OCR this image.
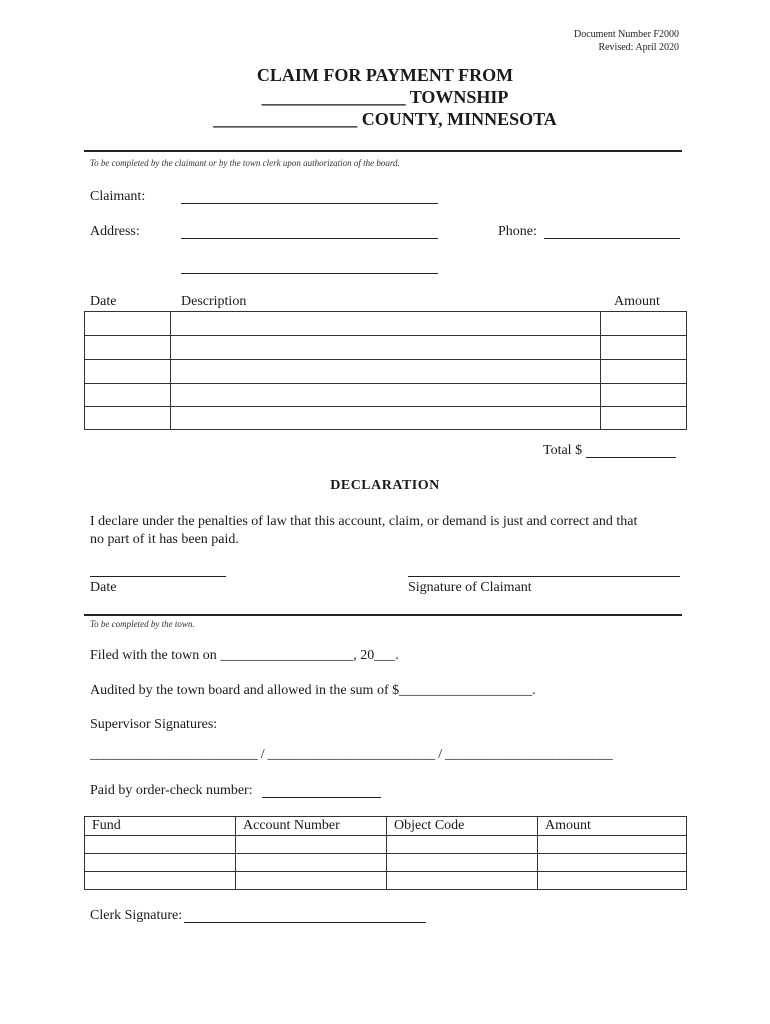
Document Number F2000
Revised: April 2020
CLAIM FOR PAYMENT FROM
________________ TOWNSHIP
________________ COUNTY, MINNESOTA
To be completed by the claimant or by the town clerk upon authorization of the board.
Claimant:
Address:	Phone:
Date	Description	Amount

Total $
DECLARATION
I declare under the penalties of law that this account, claim, or demand is just and correct and that
no part of it has been paid.
Date	Signature of Claimant
To be completed by the town.
Filed with the town on ___________________, 20___.
Audited by the town board and allowed in the sum of $___________________.
Supervisor Signatures:
_________________________ / _________________________ / _________________________
Paid by order-check number:
Fund	Account Number	Object Code	Amount

Clerk Signature:
